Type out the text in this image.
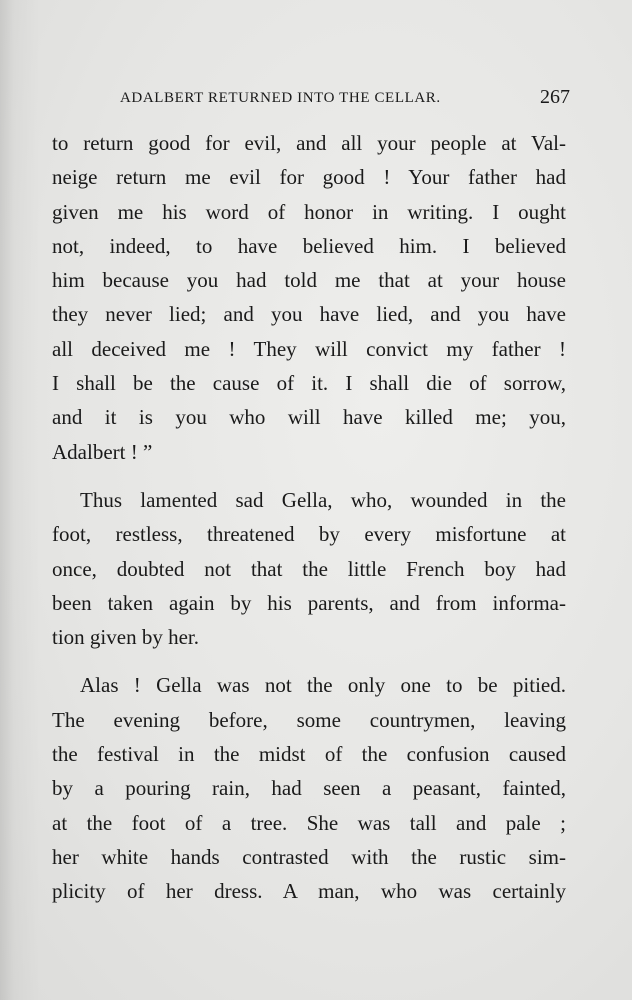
ADALBERT RETURNED INTO THE CELLAR.	267
to return good for evil, and all your people at Val-
neige return me evil for good ! Your father had
given me his word of honor in writing. I ought
not, indeed, to have believed him. I believed
him because you had told me that at your house
they never lied; and you have lied, and you have
all deceived me ! They will convict my father !
I shall be the cause of it. I shall die of sorrow,
and it is you who will have killed me; you,
Adalbert ! ”
Thus lamented sad Gella, who, wounded in the
foot, restless, threatened by every misfortune at
once, doubted not that the little French boy had
been taken again by his parents, and from informa-
tion given by her.
Alas ! Gella was not the only one to be pitied.
The evening before, some countrymen, leaving
the festival in the midst of the confusion caused
by a pouring rain, had seen a peasant, fainted,
at the foot of a tree. She was tall and pale ;
her white hands contrasted with the rustic sim-
plicity of her dress. A man, who was certainly
